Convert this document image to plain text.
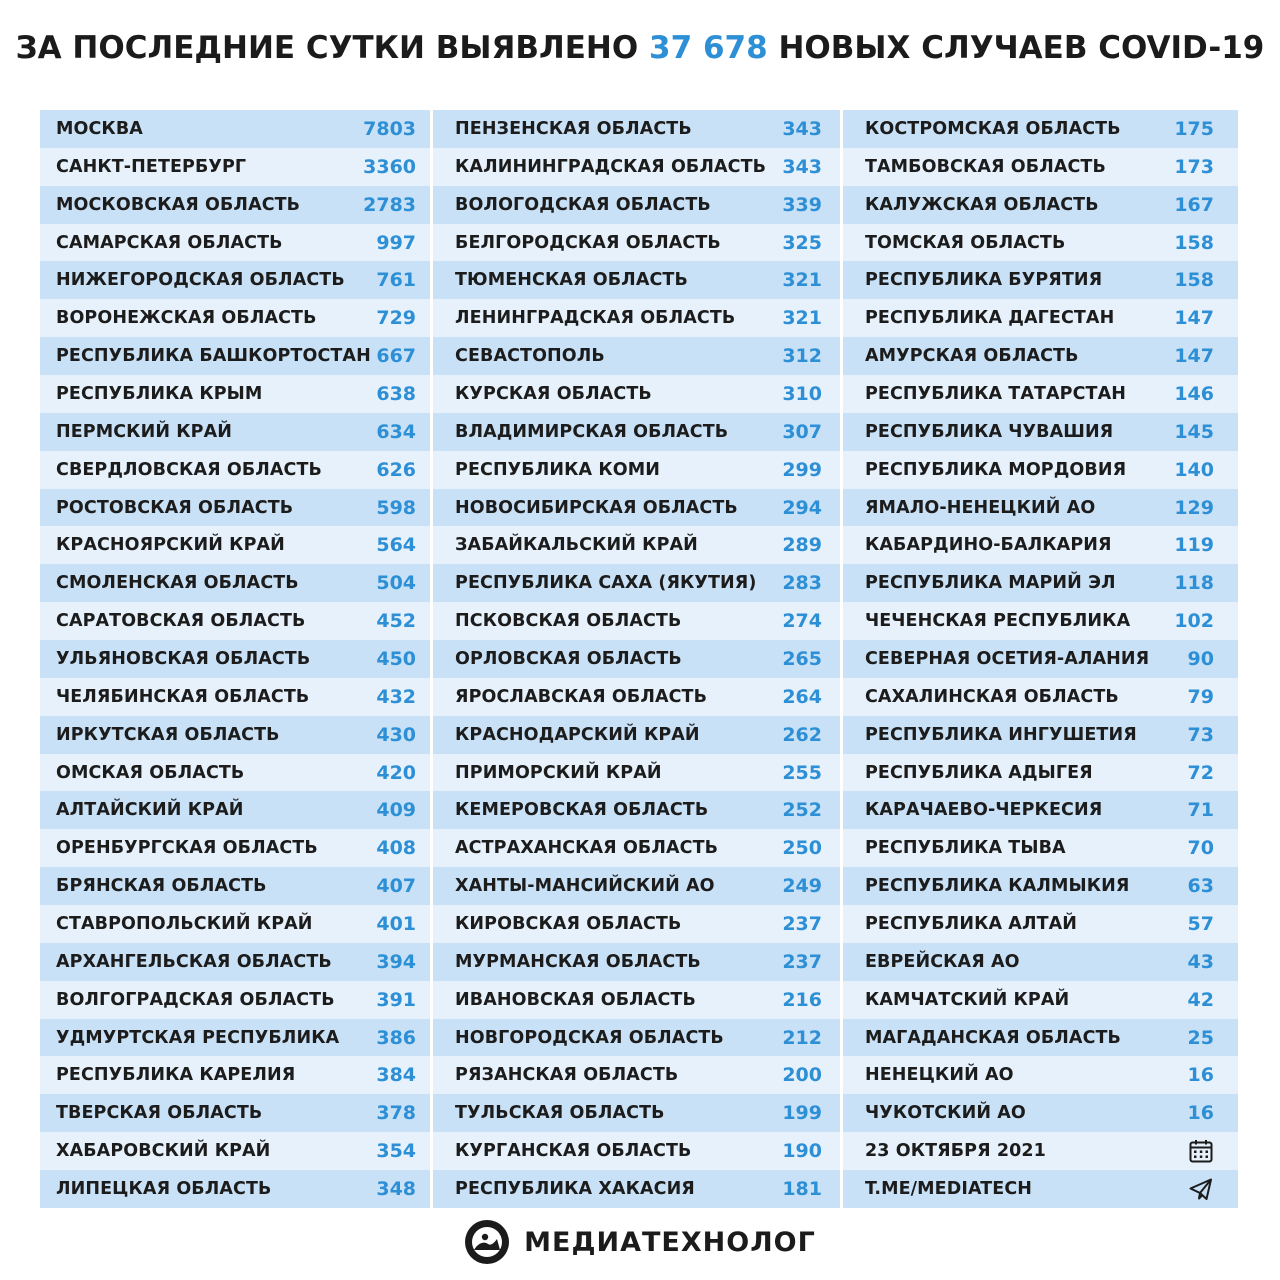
ЗА ПОСЛЕДНИЕ СУТКИ ВЫЯВЛЕНО 37 678 НОВЫХ СЛУЧАЕВ COVID-19
МОСКВА	7803
САНКТ-ПЕТЕРБУРГ	3360
МОСКОВСКАЯ ОБЛАСТЬ	2783
САМАРСКАЯ ОБЛАСТЬ	997
НИЖЕГОРОДСКАЯ ОБЛАСТЬ 761
ВОРОНЕЖСКАЯ ОБЛАСТЬ	729
РЕСПУБЛИКА БАШКОРТОСТАН 667
РЕСПУБЛИКА КРЫМ	638
ПЕРМСКИЙ КРАЙ	634
СВЕРДЛОВСКАЯ ОБЛАСТЬ	626
РОСТОВСКАЯ ОБЛАСТЬ	598
КРАСНОЯРСКИЙ КРАЙ	564
СМОЛЕНСКАЯ ОБЛАСТЬ	504
САРАТОВСКАЯ ОБЛАСТЬ	452
УЛЬЯНОВСКАЯ ОБЛАСТЬ	450
ЧЕЛЯБИНСКАЯ ОБЛАСТЬ	432
ИРКУТСКАЯ ОБЛАСТЬ	430
ОМСКАЯ ОБЛАСТЬ	420
АЛТАЙСКИЙ КРАЙ	409
ОРЕНБУРГСКАЯ ОБЛАСТЬ	408
БРЯНСКАЯ ОБЛАСТЬ	407
СТАВРОПОЛЬСКИЙ КРАЙ	401
АРХАНГЕЛЬСКАЯ ОБЛАСТЬ 394
ВОЛГОГРАДСКАЯ ОБЛАСТЬ 391
УДМУРТСКАЯ РЕСПУБЛИКА 386
РЕСПУБЛИКА КАРЕЛИЯ	384
ТВЕРСКАЯ ОБЛАСТЬ	378
ХАБАРОВСКИЙ КРАЙ	354
ЛИПЕЦКАЯ ОБЛАСТЬ	348
ПЕНЗЕНСКАЯ ОБЛАСТЬ	343
КАЛИНИНГРАДСКАЯ ОБЛАСТЬ 343
ВОЛОГОДСКАЯ ОБЛАСТЬ	339
БЕЛГОРОДСКАЯ ОБЛАСТЬ	325
ТЮМЕНСКАЯ ОБЛАСТЬ	321
ЛЕНИНГРАДСКАЯ ОБЛАСТЬ 321
СЕВАСТОПОЛЬ	312
КУРСКАЯ ОБЛАСТЬ	310
ВЛАДИМИРСКАЯ ОБЛАСТЬ	307
РЕСПУБЛИКА КОМИ	299
НОВОСИБИРСКАЯ ОБЛАСТЬ 294
ЗАБАЙКАЛЬСКИЙ КРАЙ	289
РЕСПУБЛИКА САХА (ЯКУТИЯ) 283
ПСКОВСКАЯ ОБЛАСТЬ	274
ОРЛОВСКАЯ ОБЛАСТЬ	265
ЯРОСЛАВСКАЯ ОБЛАСТЬ	264
КРАСНОДАРСКИЙ КРАЙ	262
ПРИМОРСКИЙ КРАЙ	255
КЕМЕРОВСКАЯ ОБЛАСТЬ	252
АСТРАХАНСКАЯ ОБЛАСТЬ	250
ХАНТЫ-МАНСИЙСКИЙ АО	249
КИРОВСКАЯ ОБЛАСТЬ	237
МУРМАНСКАЯ ОБЛАСТЬ	237
ИВАНОВСКАЯ ОБЛАСТЬ	216
НОВГОРОДСКАЯ ОБЛАСТЬ	212
РЯЗАНСКАЯ ОБЛАСТЬ	200
ТУЛЬСКАЯ ОБЛАСТЬ	199
КУРГАНСКАЯ ОБЛАСТЬ	190
РЕСПУБЛИКА ХАКАСИЯ	181
КОСТРОМСКАЯ ОБЛАСТЬ	175
ТАМБОВСКАЯ ОБЛАСТЬ	173
КАЛУЖСКАЯ ОБЛАСТЬ	167
ТОМСКАЯ ОБЛАСТЬ	158
РЕСПУБЛИКА БУРЯТИЯ	158
РЕСПУБЛИКА ДАГЕСТАН	147
АМУРСКАЯ ОБЛАСТЬ	147
РЕСПУБЛИКА ТАТАРСТАН	146
РЕСПУБЛИКА ЧУВАШИЯ	145
РЕСПУБЛИКА МОРДОВИЯ	140
ЯМАЛО-НЕНЕЦКИЙ АО	129
КАБАРДИНО-БАЛКАРИЯ	119
РЕСПУБЛИКА МАРИЙ ЭЛ	118
ЧЕЧЕНСКАЯ РЕСПУБЛИКА 102
СЕВЕРНАЯ ОСЕТИЯ-АЛАНИЯ 90
САХАЛИНСКАЯ ОБЛАСТЬ	79
РЕСПУБЛИКА ИНГУШЕТИЯ	73
РЕСПУБЛИКА АДЫГЕЯ	72
КАРАЧАЕВО-ЧЕРКЕСИЯ	71
РЕСПУБЛИКА ТЫВА	70
РЕСПУБЛИКА КАЛМЫКИЯ	63
РЕСПУБЛИКА АЛТАЙ	57
ЕВРЕЙСКАЯ АО	43
КАМЧАТСКИЙ КРАЙ	42
МАГАДАНСКАЯ ОБЛАСТЬ	25
НЕНЕЦКИЙ АО	16
ЧУКОТСКИЙ АО	16
23 ОКТЯБРЯ 2021
T.ME/MEDIATECH
МЕДИАТЕХНОЛОГ
